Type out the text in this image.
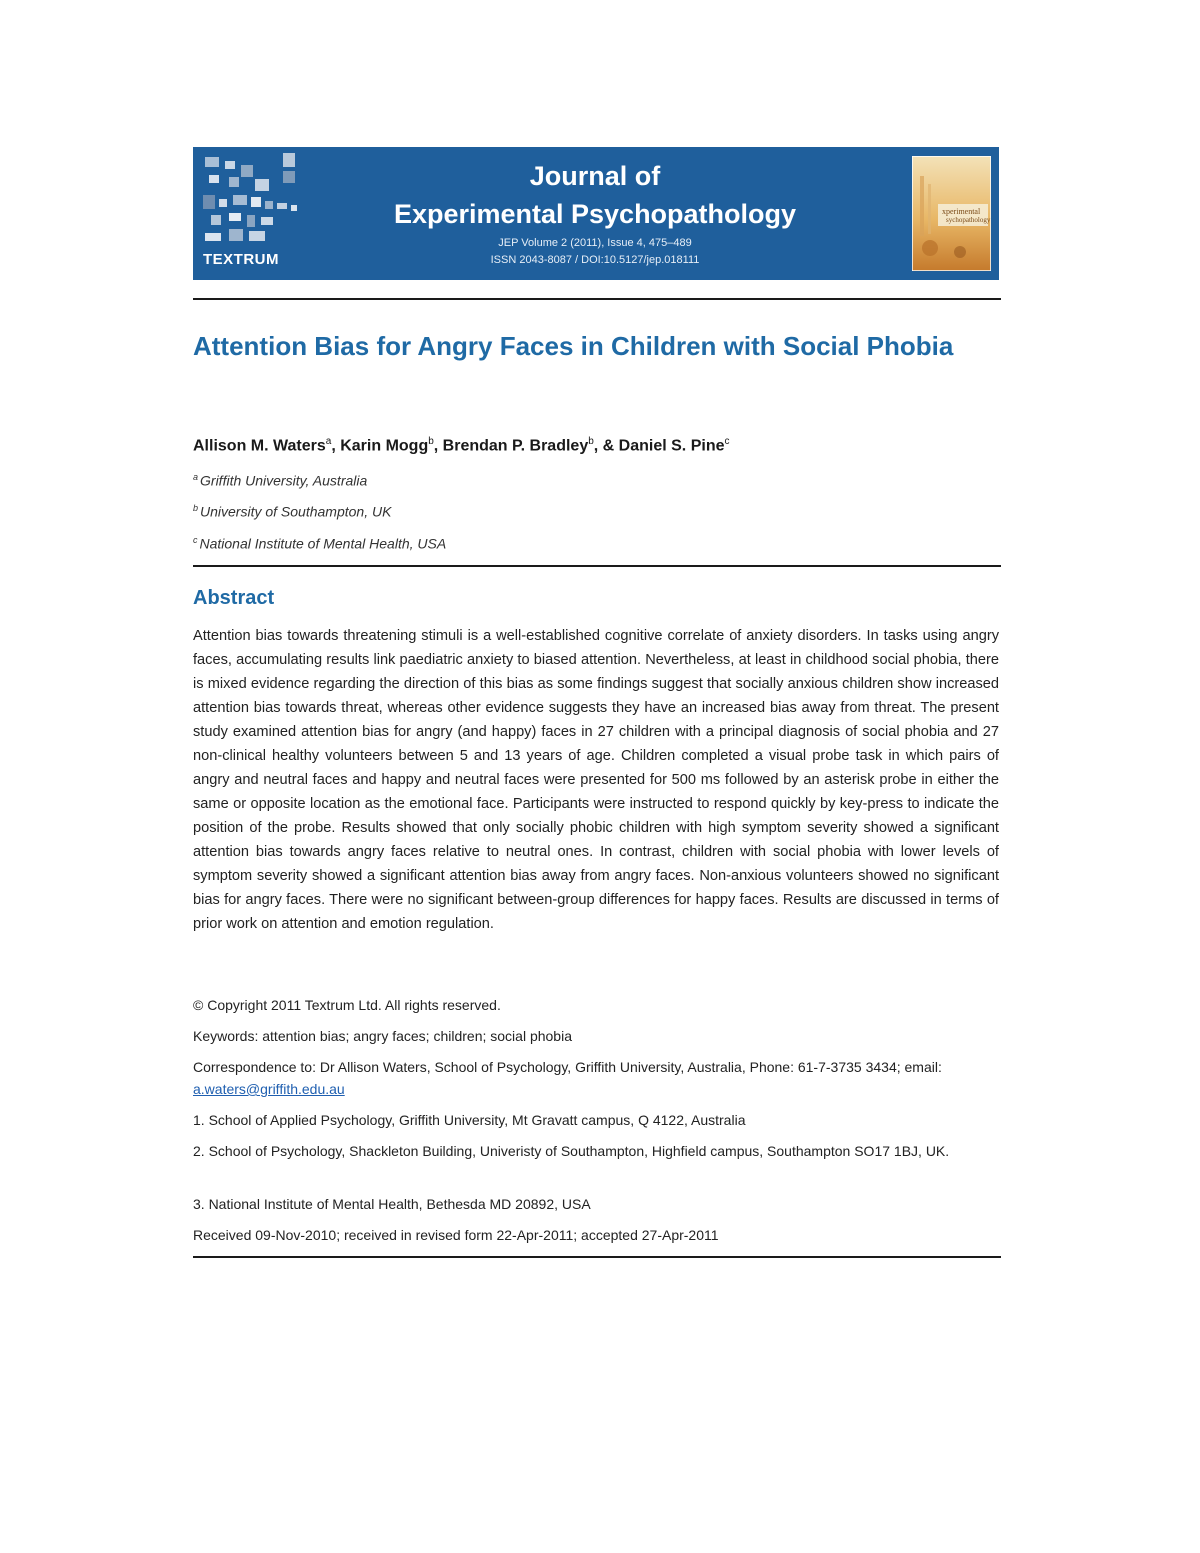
TEXTRUM
Journal of
Experimental Psychopathology
JEP Volume 2 (2011), Issue 4, 475–489
ISSN 2043-8087 / DOI:10.5127/jep.018111
xperimental
sychopathology
Attention Bias for Angry Faces in Children with Social Phobia
Allison M. Waters$^a$, Karin Mogg$^b$, Brendan P. Bradley$^b$, & Daniel S. Pine$^c$
$^a$ Griffith University, Australia
$^b$ University of Southampton, UK
$^c$ National Institute of Mental Health, USA
Abstract

Attention bias towards threatening stimuli is a well-established cognitive correlate of anxiety disorders. In tasks using angry faces, accumulating results link paediatric anxiety to biased attention. Nevertheless, at least in childhood social phobia, there is mixed evidence regarding the direction of this bias as some findings suggest that socially anxious children show increased attention bias towards threat, whereas other evidence suggests they have an increased bias away from threat. The present study examined attention bias for angry (and happy) faces in 27 children with a principal diagnosis of social phobia and 27 non-clinical healthy volunteers between 5 and 13 years of age. Children completed a visual probe task in which pairs of angry and neutral faces and happy and neutral faces were presented for 500 ms followed by an asterisk probe in either the same or opposite location as the emotional face. Participants were instructed to respond quickly by key-press to indicate the position of the probe. Results showed that only socially phobic children with high symptom severity showed a significant attention bias towards angry faces relative to neutral ones. In contrast, children with social phobia with lower levels of symptom severity showed a significant attention bias away from angry faces. Non-anxious volunteers showed no significant bias for angry faces. There were no significant between-group differences for happy faces. Results are discussed in terms of prior work on attention and emotion regulation.

© Copyright 2011 Textrum Ltd. All rights reserved.

Keywords: attention bias; angry faces; children; social phobia

Correspondence to: Dr Allison Waters, School of Psychology, Griffith University, Australia, Phone: 61-7-3735 3434; email: a.waters@griffith.edu.au

1. School of Applied Psychology, Griffith University, Mt Gravatt campus, Q 4122, Australia

2. School of Psychology, Shackleton Building, Univeristy of Southampton, Highfield campus, Southampton SO17 1BJ, UK.

3. National Institute of Mental Health, Bethesda MD 20892, USA

Received 09-Nov-2010; received in revised form 22-Apr-2011; accepted 27-Apr-2011
